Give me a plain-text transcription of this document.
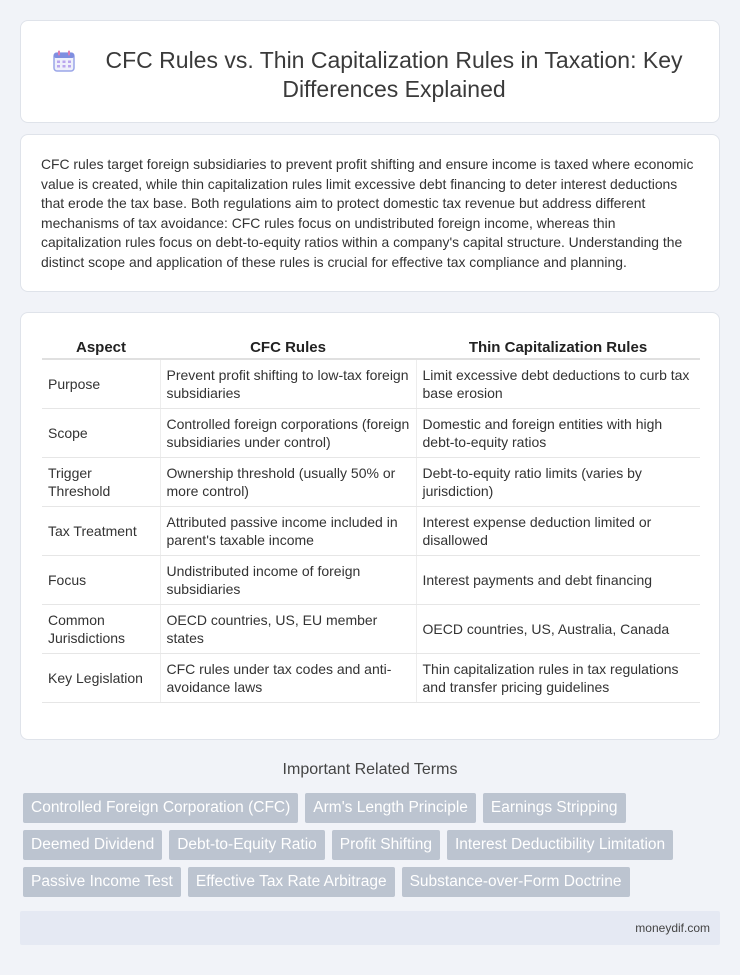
CFC Rules vs. Thin Capitalization Rules in Taxation: Key Differences Explained

CFC rules target foreign subsidiaries to prevent profit shifting and ensure income is taxed where economic value is created, while thin capitalization rules limit excessive debt financing to deter interest deductions that erode the tax base. Both regulations aim to protect domestic tax revenue but address different mechanisms of tax avoidance: CFC rules focus on undistributed foreign income, whereas thin capitalization rules focus on debt-to-equity ratios within a company's capital structure. Understanding the distinct scope and application of these rules is crucial for effective tax compliance and planning.

Aspect	CFC Rules	Thin Capitalization Rules
Purpose	Prevent profit shifting to low-tax foreign subsidiaries	Limit excessive debt deductions to curb tax base erosion
Scope	Controlled foreign corporations (foreign subsidiaries under control)	Domestic and foreign entities with high debt-to-equity ratios
Trigger Threshold	Ownership threshold (usually 50% or more control)	Debt-to-equity ratio limits (varies by jurisdiction)
Tax Treatment	Attributed passive income included in parent's taxable income	Interest expense deduction limited or disallowed
Focus	Undistributed income of foreign subsidiaries	Interest payments and debt financing
Common Jurisdictions	OECD countries, US, EU member states	OECD countries, US, Australia, Canada
Key Legislation	CFC rules under tax codes and anti-avoidance laws	Thin capitalization rules in tax regulations and transfer pricing guidelines
Important Related Terms
Controlled Foreign Corporation (CFC)	Arm's Length Principle	Earnings Stripping
Deemed Dividend	Debt-to-Equity Ratio	Profit Shifting	Interest Deductibility Limitation
Passive Income Test	Effective Tax Rate Arbitrage	Substance-over-Form Doctrine
moneydif.com
